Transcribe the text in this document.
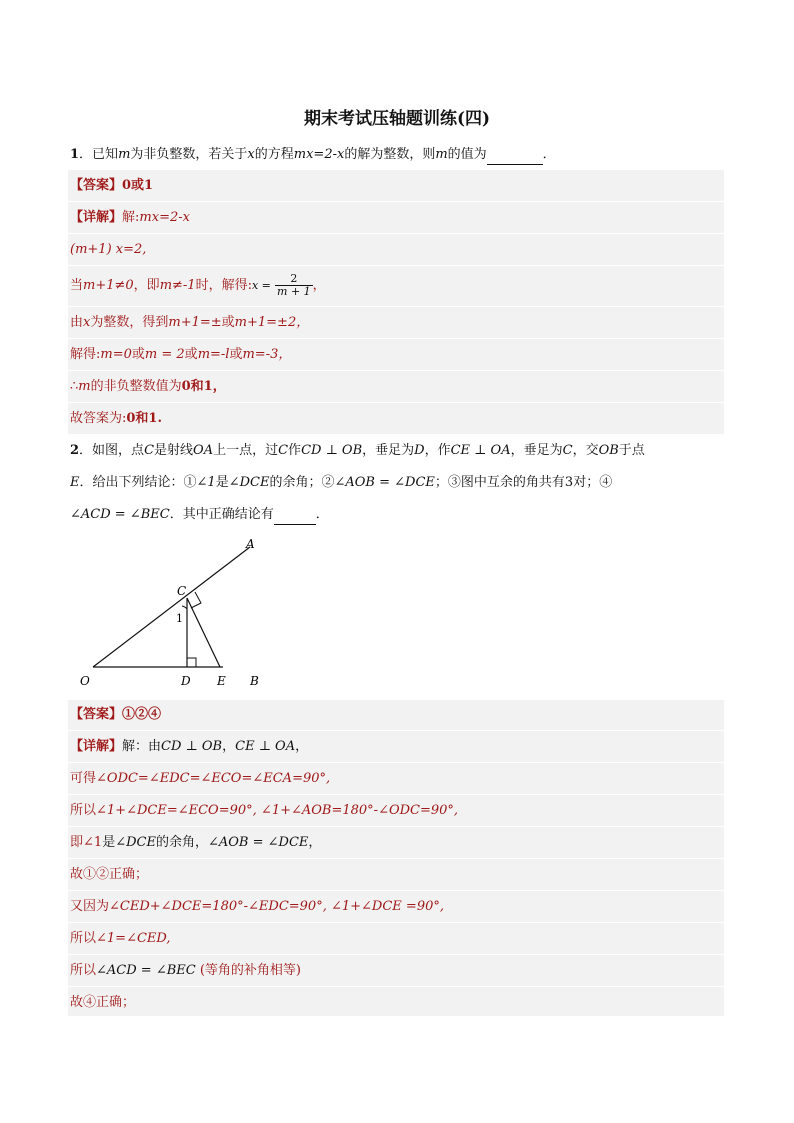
期末考试压轴题训练(四)
1．已知m为非负整数，若关于x的方程mx=2-x的解为整数，则m的值为	．
【答案】0或1
【详解】解:mx=2-x
(m+1) x=2,
当m+1≠0，即m≠-1时，解得:x = $\frac{2}{m + 1}$ ，
由x为整数，得到m+1=±或m+1=±2，
解得:m=0或m = 2或m=-l或m=-3，
∴m的非负整数值为0和1，
故答案为:0和1.
2．如图，点C是射线OA上一点，过C作CD ⊥ OB，垂足为D，作CE ⊥ OA，垂足为C，交OB于点
E．给出下列结论：①∠1是∠DCE的余角；②∠AOB = ∠DCE；③图中互余的角共有3对；④
∠ACD = ∠BEC．其中正确结论有	．
A
C
1
O	D E B
【答案】①②④
【详解】解：由CD ⊥ OB，CE ⊥ OA，
可得∠ODC=∠EDC=∠ECO=∠ECA=90°,
所以∠1+∠DCE=∠ECO=90°, ∠1+∠AOB=180°-∠ODC=90°,
即∠1是∠DCE的余角，∠AOB = ∠DCE，
故①②正确；
又因为∠CED+∠DCE=180°-∠EDC=90°, ∠1+∠DCE =90°,
所以∠1=∠CED,
所以∠ACD = ∠BEC (等角的补角相等)
故④正确；
